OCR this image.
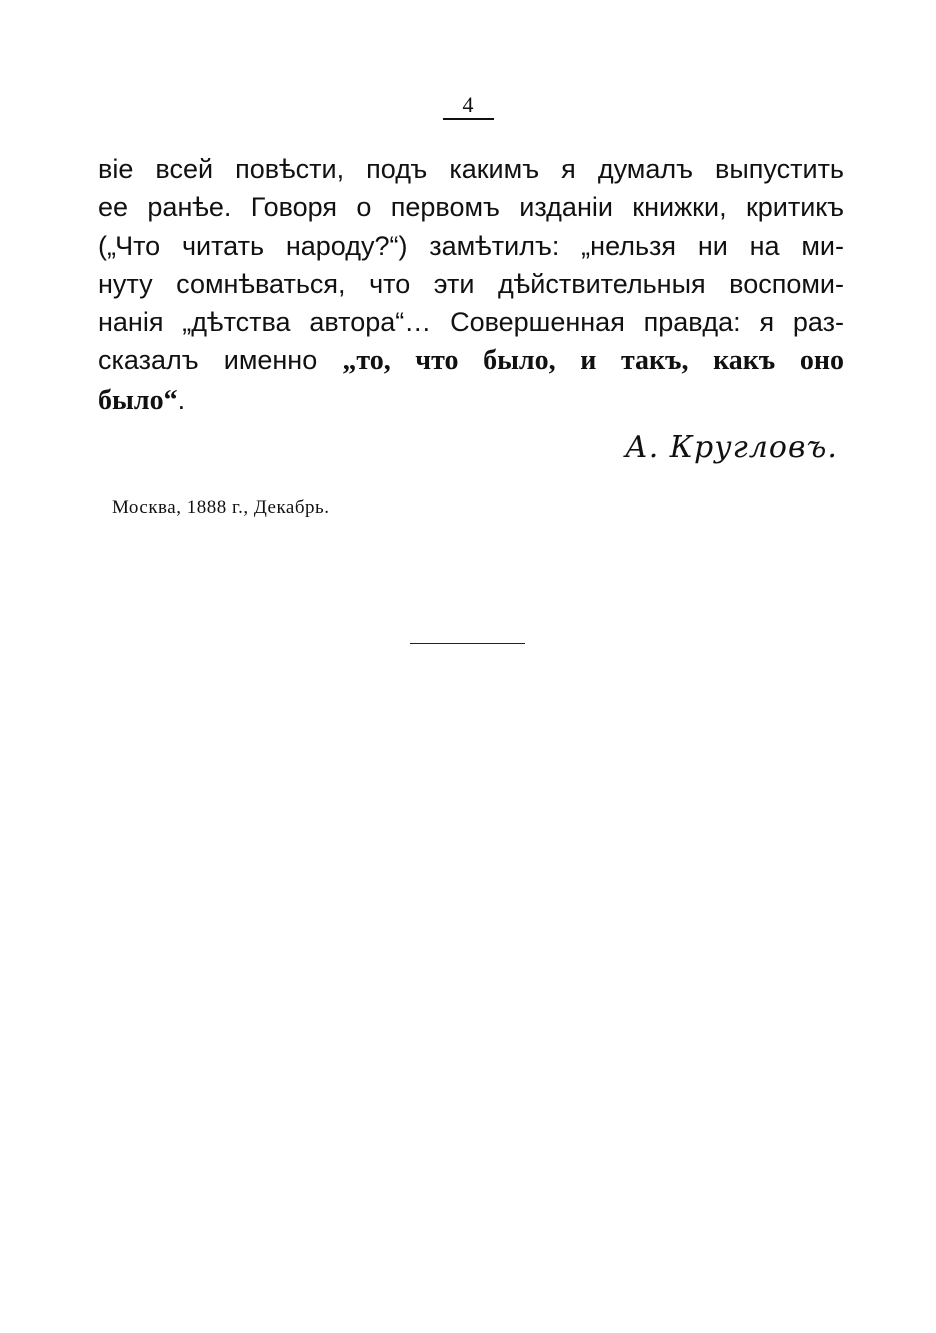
4
віе всей повѣсти, подъ какимъ я думалъ выпустить
ее ранѣе. Говоря о первомъ изданіи книжки, критикъ
(„Что читать народу?“) замѣтилъ: „нельзя ни на ми-
нуту сомнѣваться, что эти дѣйствительныя воспоми-
нанія „дѣтства автора“… Совершенная правда: я раз-
сказалъ именно „то, что было, и такъ, какъ оно
было“.
А. Кругловъ.
Москва, 1888 г., Декабрь.
